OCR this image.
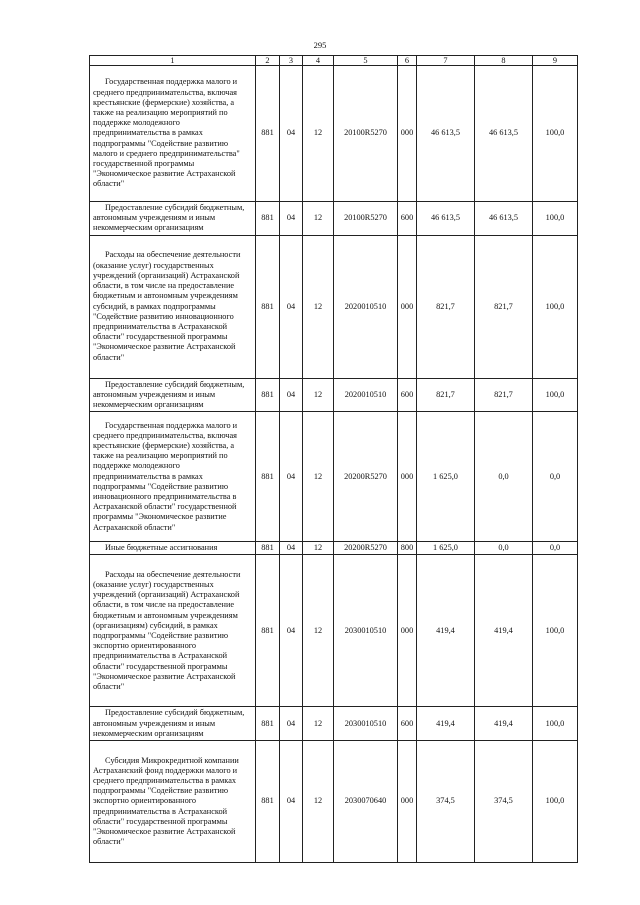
295
1	2	3	4	5	6	7	8	9

Государственная поддержка малого и среднего предпринимательства, включая крестьянские (фермерские) хозяйства, а также на реализацию мероприятий по поддержке молодежного предпринимательства в рамках подпрограммы "Содействие развитию малого и среднего предпринимательства" государственной программы "Экономическое развитие Астраханской области"	881	04	12	20100R5270	000	46 613,5	46 613,5	100,0

Предоставление субсидий бюджетным, автономным учреждениям и иным некоммерческим организациям	881	04	12	20100R5270	600	46 613,5	46 613,5	100,0

Расходы на обеспечение деятельности (оказание услуг) государственных учреждений (организаций) Астраханской области, в том числе на предоставление бюджетным и автономным учреждениям субсидий, в рамках подпрограммы "Содействие развитию инновационного предпринимательства в Астраханской области" государственной программы "Экономическое развитие Астраханской области"	881	04	12	2020010510	000	821,7	821,7	100,0

Предоставление субсидий бюджетным, автономным учреждениям и иным некоммерческим организациям	881	04	12	2020010510	600	821,7	821,7	100,0

Государственная поддержка малого и среднего предпринимательства, включая крестьянские (фермерские) хозяйства, а также на реализацию мероприятий по поддержке молодежного предпринимательства в рамках подпрограммы "Содействие развитию инновационного предпринимательства в Астраханской области" государственной программы "Экономическое развитие Астраханской области"	881	04	12	20200R5270	000	1 625,0	0,0	0,0

Иные бюджетные ассигнования	881	04	12	20200R5270	800	1 625,0	0,0	0,0

Расходы на обеспечение деятельности (оказание услуг) государственных учреждений (организаций) Астраханской области, в том числе на предоставление бюджетным и автономным учреждениям (организациям) субсидий, в рамках подпрограммы "Содействие развитию экспортно ориентированного предпринимательства в Астраханской области" государственной программы "Экономическое развитие Астраханской области"	881	04	12	2030010510	000	419,4	419,4	100,0

Предоставление субсидий бюджетным, автономным учреждениям и иным некоммерческим организациям	881	04	12	2030010510	600	419,4	419,4	100,0

Субсидия Микрокредитной компании Астраханский фонд поддержки малого и среднего предпринимательства в рамках подпрограммы "Содействие развитию экспортно ориентированного предпринимательства в Астраханской области" государственной программы "Экономическое развитие Астраханской области"	881	04	12	2030070640	000	374,5	374,5	100,0
